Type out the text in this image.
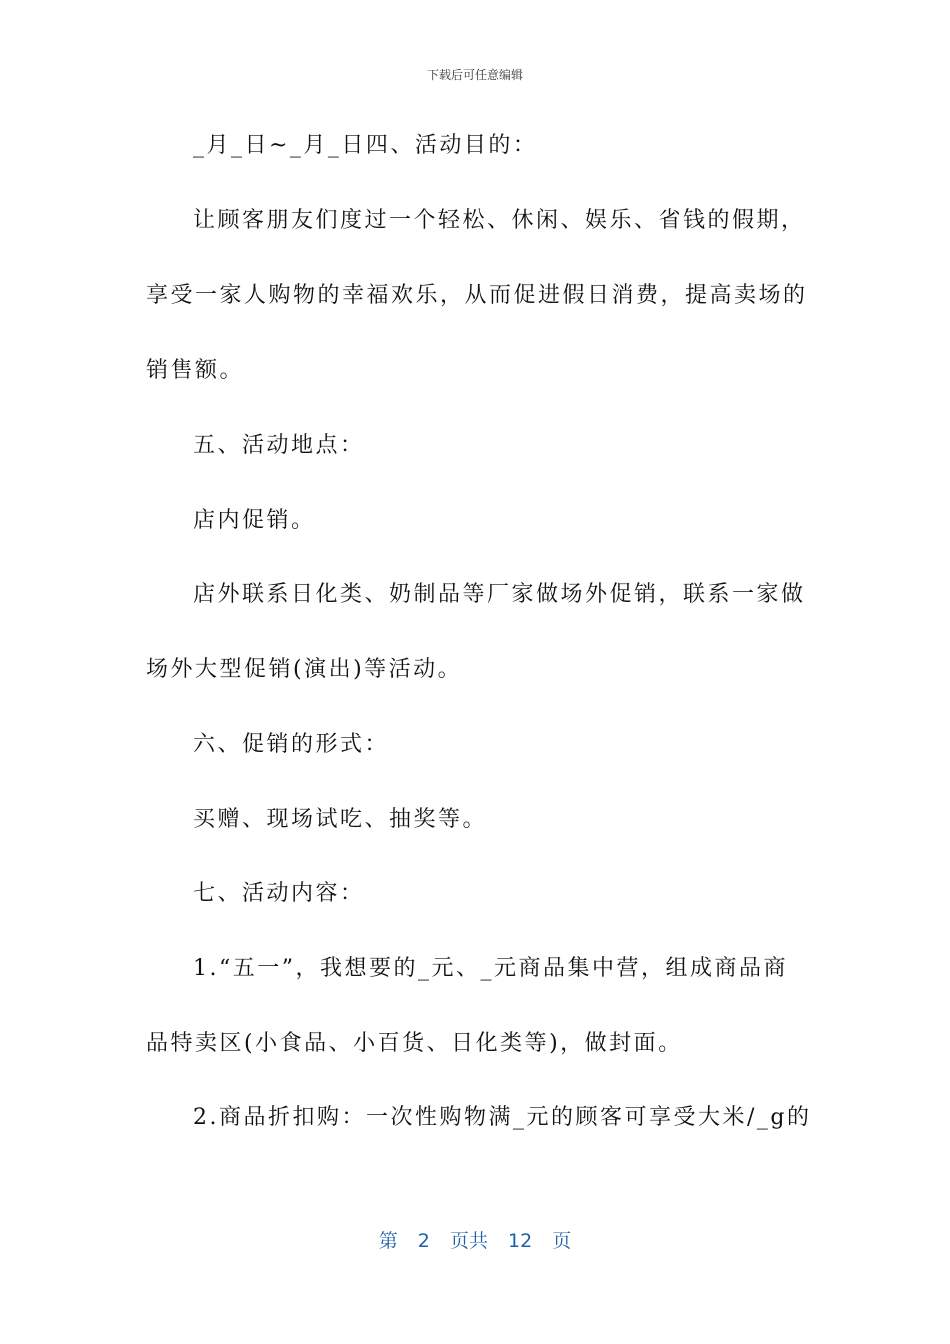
下载后可任意编辑
_月_日~_月_日四、活动目的：
让顾客朋友们度过一个轻松、休闲、娱乐、省钱的假期，
享受一家人购物的幸福欢乐，从而促进假日消费，提高卖场的
销售额。
五、活动地点：
店内促销。
店外联系日化类、奶制品等厂家做场外促销，联系一家做
场外大型促销(演出)等活动。
六、促销的形式：
买赠、现场试吃、抽奖等。
七、活动内容：
1.“五一”，我想要的_元、_元商品集中营，组成商品商
品特卖区(小食品、小百货、日化类等)，做封面。
2.商品折扣购：一次性购物满_元的顾客可享受大米/_g的
第 2 页共 12 页
